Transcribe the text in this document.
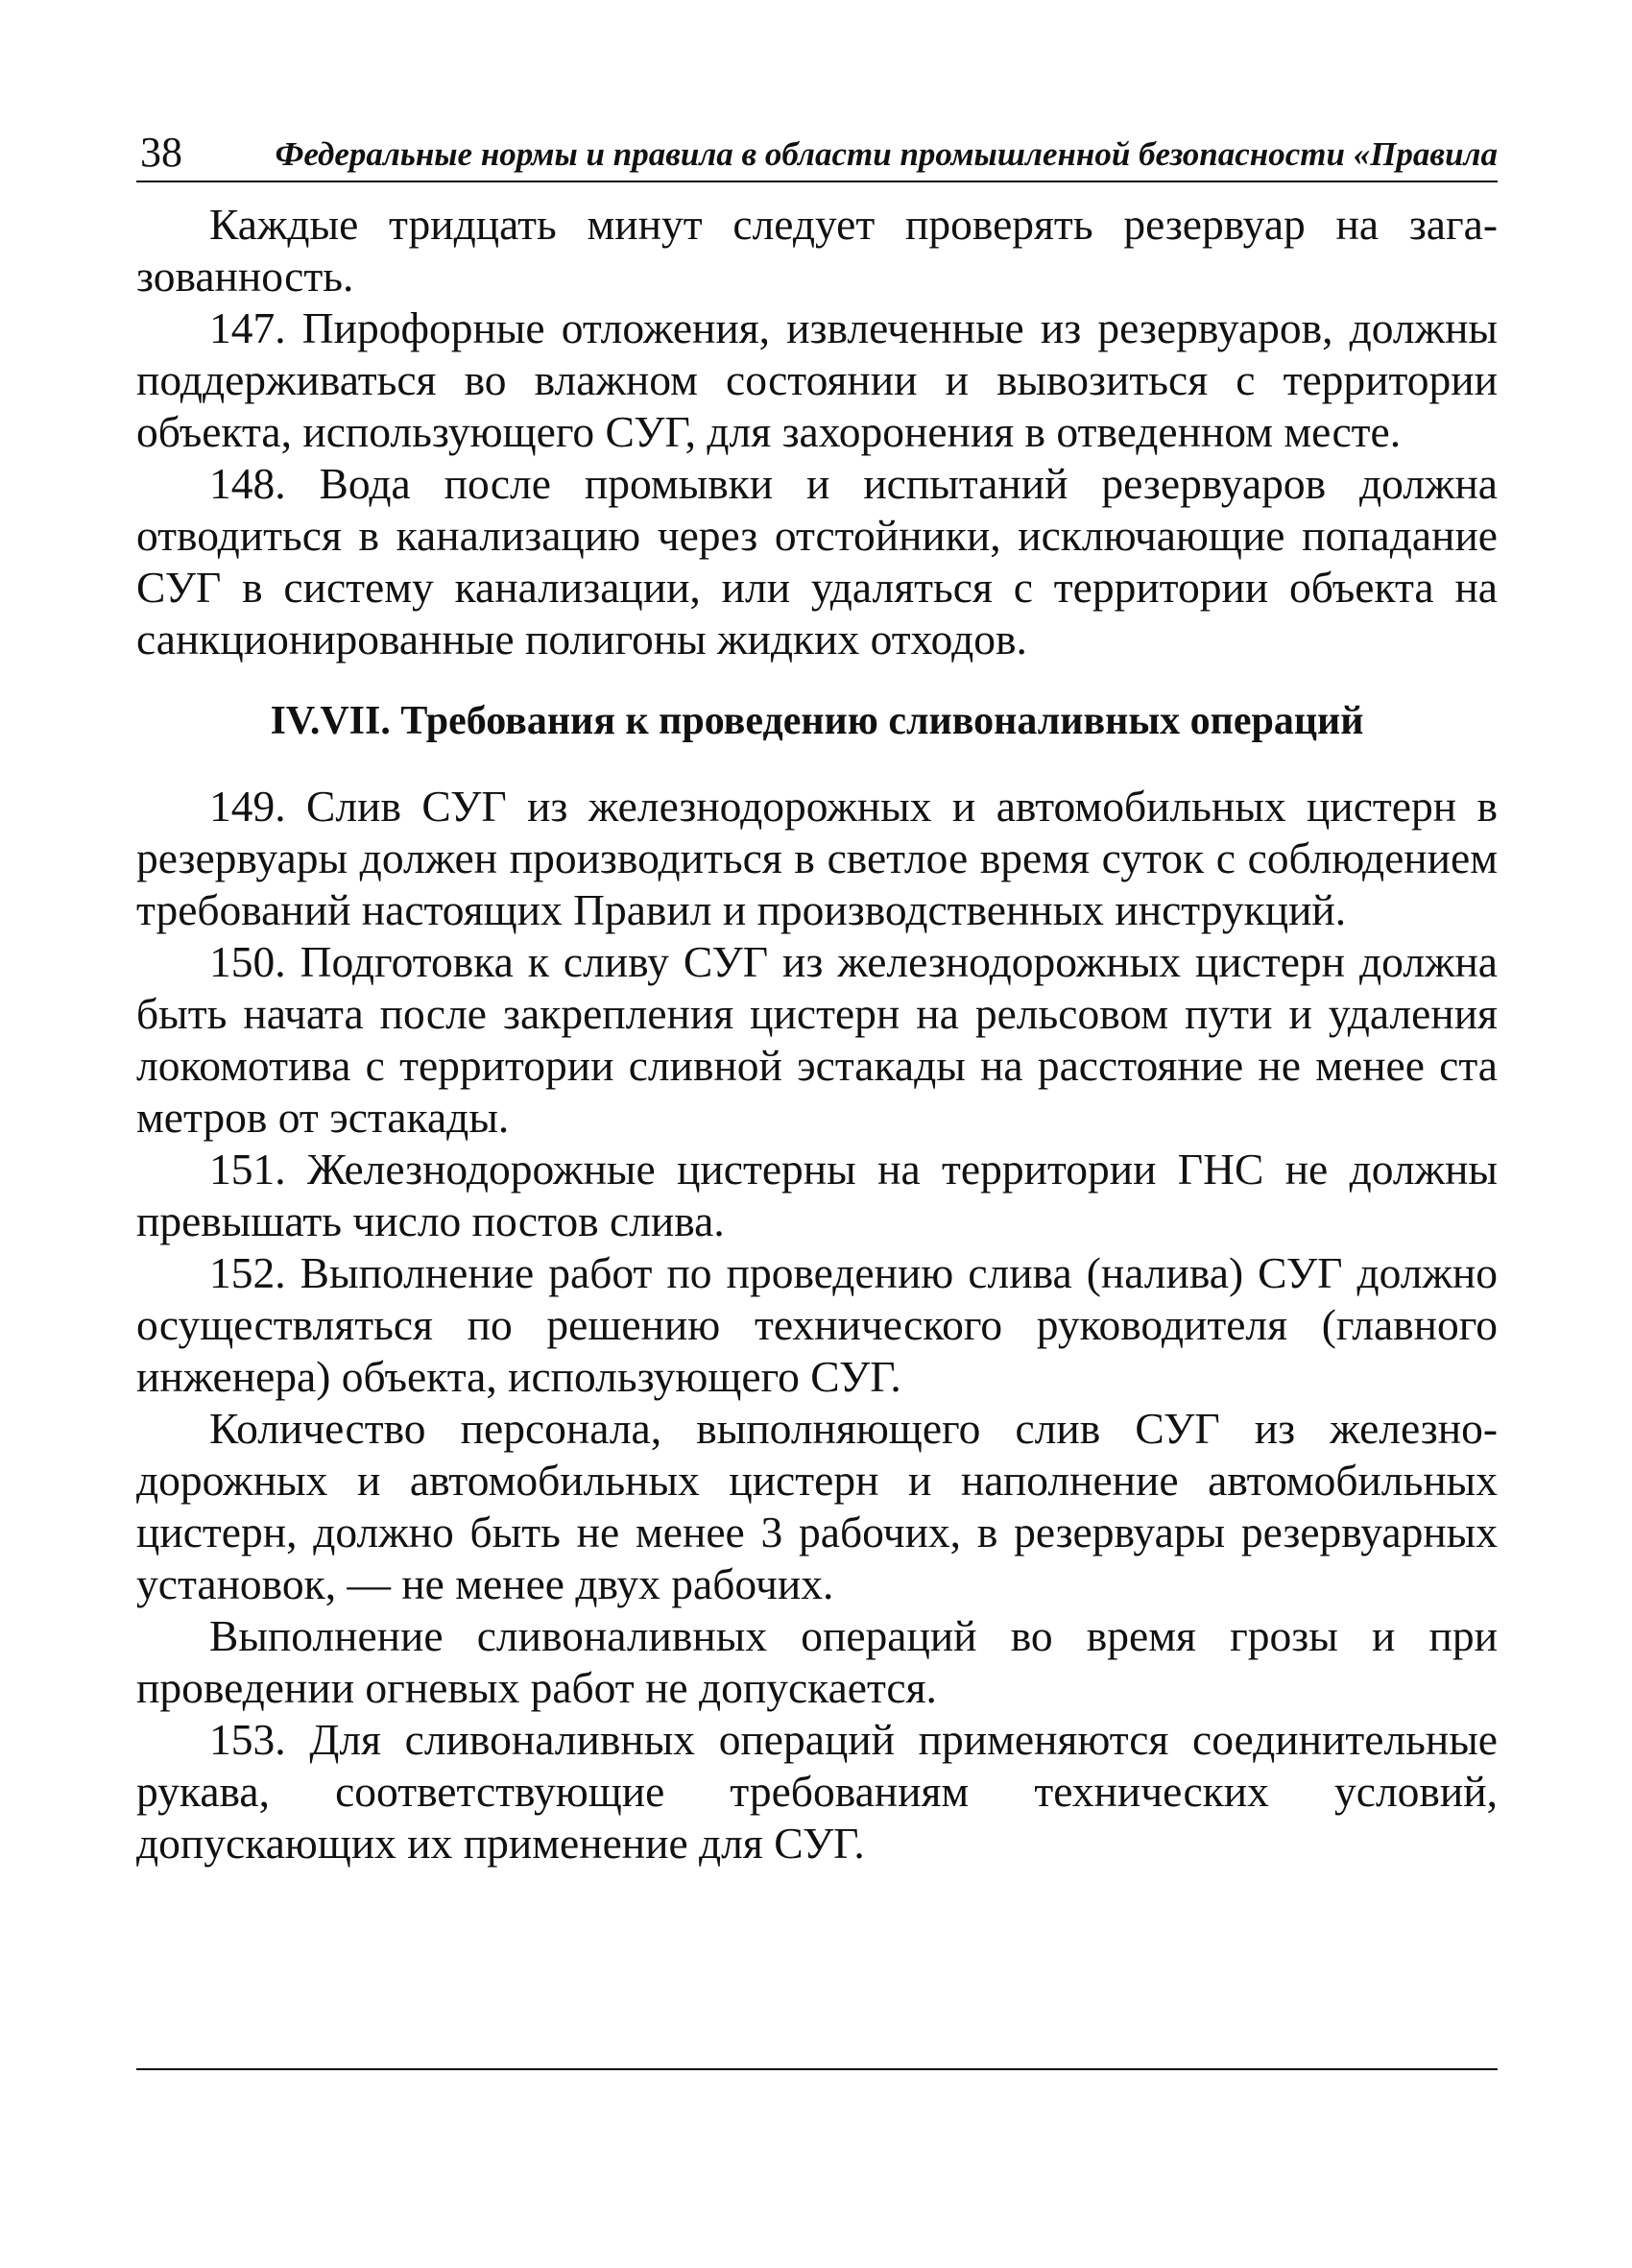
38	Федеральные нормы и правила в области промышленной безопасности «Правила

Каждые тридцать минут следует проверять резервуар на загазованность.

147. Пирофорные отложения, извлеченные из резервуаров, должны поддерживаться во влажном состоянии и вывозиться с территории объекта, использующего СУГ, для захоронения в отведенном месте.

148. Вода после промывки и испытаний резервуаров должна отводиться в канализацию через отстойники, исключающие попадание СУГ в систему канализации, или удаляться с территории объекта на санкционированные полигоны жидких отходов.

IV.VII. Требования к проведению сливоналивных операций

149. Слив СУГ из железнодорожных и автомобильных цистерн в резервуары должен производиться в светлое время суток с соблюдением требований настоящих Правил и производственных инструкций.

150. Подготовка к сливу СУГ из железнодорожных цистерн должна быть начата после закрепления цистерн на рельсовом пути и удаления локомотива с территории сливной эстакады на расстояние не менее ста метров от эстакады.

151. Железнодорожные цистерны на территории ГНС не должны превышать число постов слива.

152. Выполнение работ по проведению слива (налива) СУГ должно осуществляться по решению технического руководителя (главного инженера) объекта, использующего СУГ.

Количество персонала, выполняющего слив СУГ из железнодорожных и автомобильных цистерн и наполнение автомобильных цистерн, должно быть не менее 3 рабочих, в резервуары резервуарных установок, — не менее двух рабочих.

Выполнение сливоналивных операций во время грозы и при проведении огневых работ не допускается.

153. Для сливоналивных операций применяются соединительные рукава, соответствующие требованиям технических условий, допускающих их применение для СУГ.
